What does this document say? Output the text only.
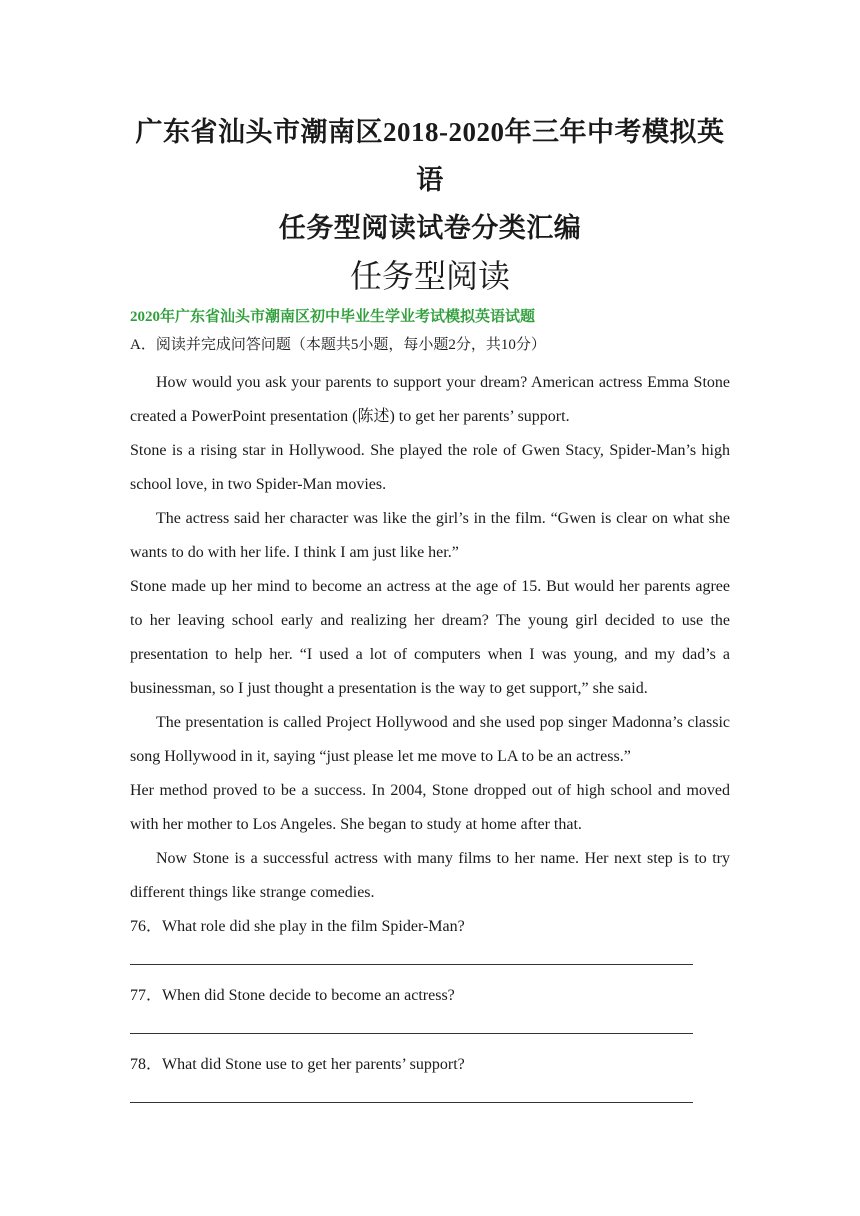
广东省汕头市潮南区2018-2020年三年中考模拟英语
任务型阅读试卷分类汇编
任务型阅读
2020年广东省汕头市潮南区初中毕业生学业考试模拟英语试题
A．阅读并完成问答问题（本题共5小题，每小题2分，共10分）

How would you ask your parents to support your dream? American actress Emma Stone created a PowerPoint presentation (陈述) to get her parents’ support.

Stone is a rising star in Hollywood. She played the role of Gwen Stacy, Spider-Man’s high school love, in two Spider-Man movies.

The actress said her character was like the girl’s in the film. “Gwen is clear on what she wants to do with her life. I think I am just like her.”

Stone made up her mind to become an actress at the age of 15. But would her parents agree to her leaving school early and realizing her dream? The young girl decided to use the presentation to help her. “I used a lot of computers when I was young, and my dad’s a businessman, so I just thought a presentation is the way to get support,” she said.

The presentation is called Project Hollywood and she used pop singer Madonna’s classic song Hollywood in it, saying “just please let me move to LA to be an actress.”

Her method proved to be a success. In 2004, Stone dropped out of high school and moved with her mother to Los Angeles. She began to study at home after that.

Now Stone is a successful actress with many films to her name. Her next step is to try different things like strange comedies.

76．What role did she play in the film Spider-Man?
77．When did Stone decide to become an actress?
78．What did Stone use to get her parents’ support?
